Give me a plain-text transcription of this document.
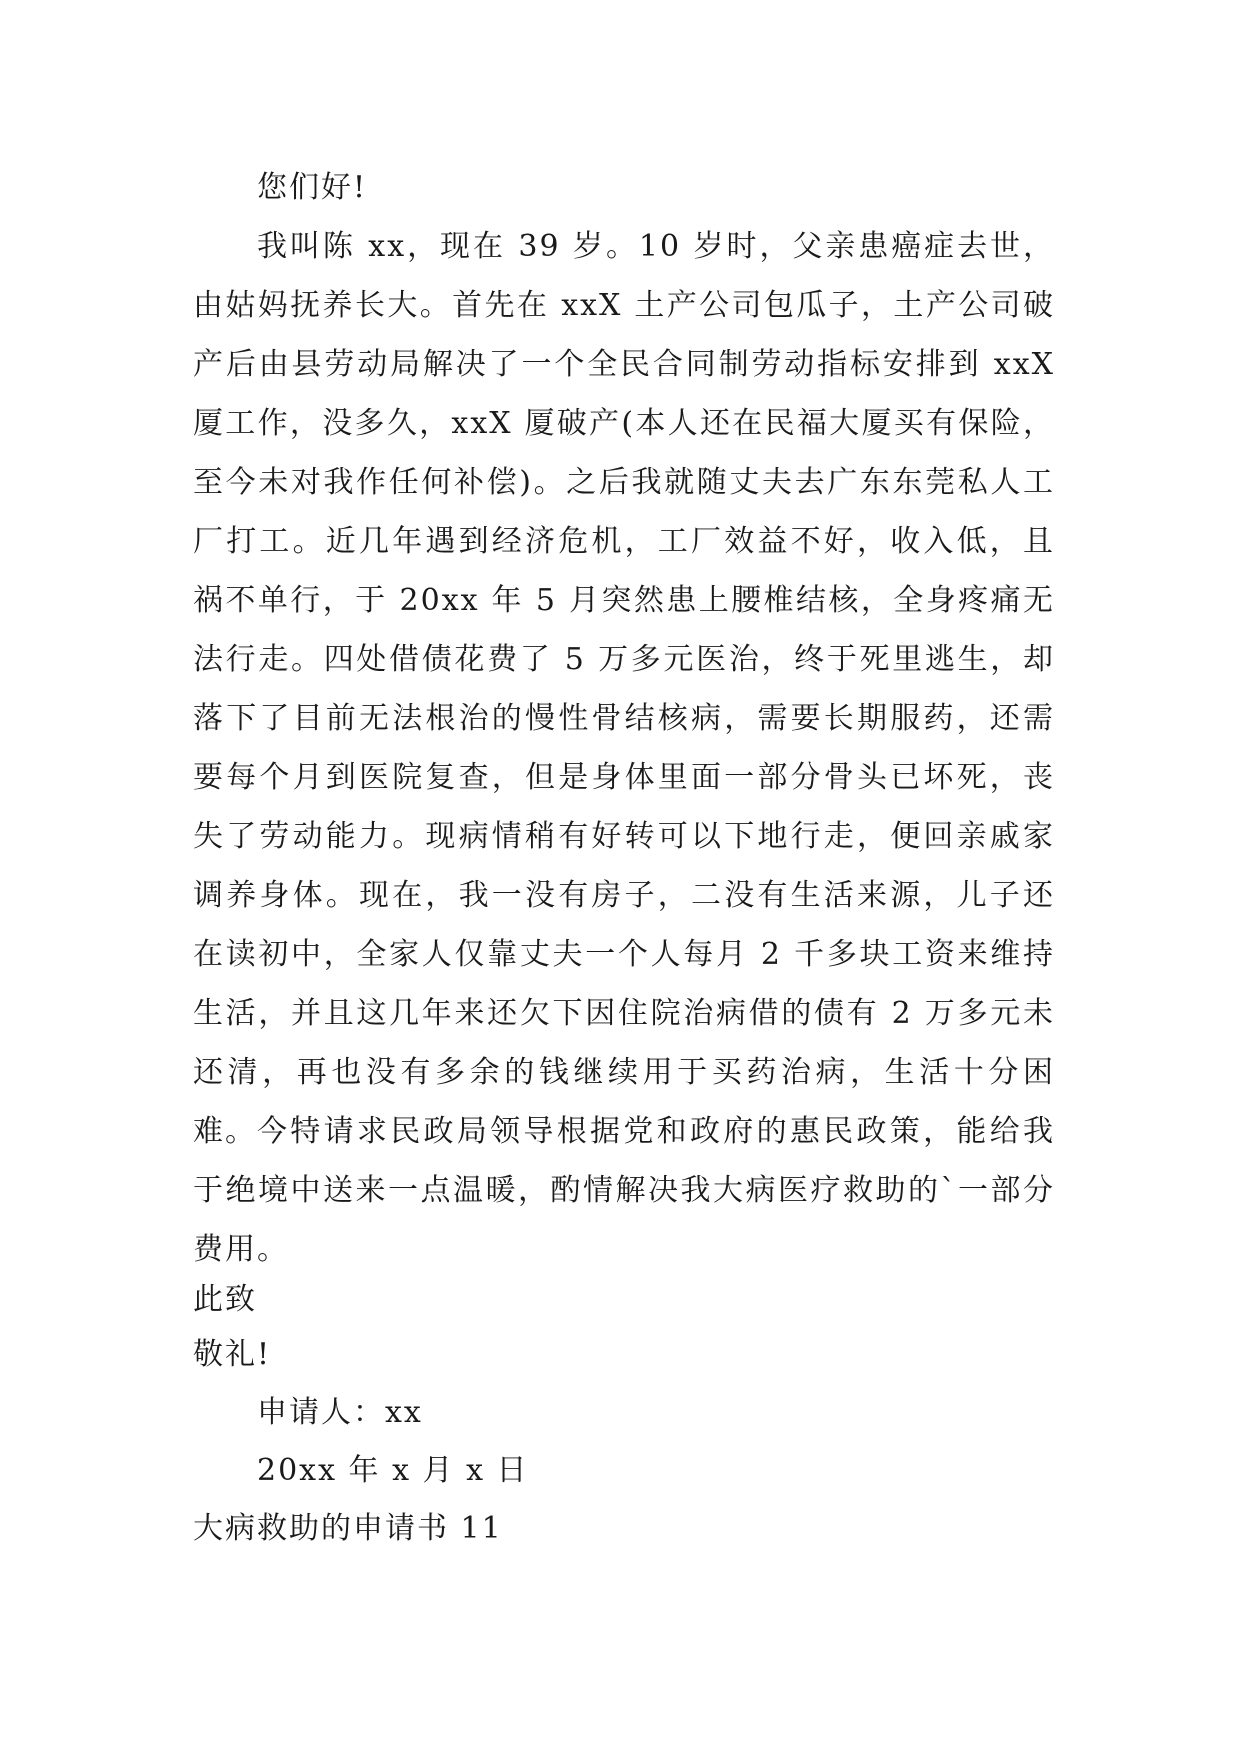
您们好!

我叫陈 xx，现在 39 岁。10 岁时，父亲患癌症去世，由姑妈抚养长大。首先在 xxX 土产公司包瓜子，土产公司破产后由县劳动局解决了一个全民合同制劳动指标安排到 xxX 厦工作，没多久，xxX 厦破产(本人还在民福大厦买有保险，至今未对我作任何补偿)。之后我就随丈夫去广东东莞私人工厂打工。近几年遇到经济危机，工厂效益不好，收入低，且祸不单行，于 20xx 年 5 月突然患上腰椎结核，全身疼痛无法行走。四处借债花费了 5 万多元医治，终于死里逃生，却落下了目前无法根治的慢性骨结核病，需要长期服药，还需要每个月到医院复查，但是身体里面一部分骨头已坏死，丧失了劳动能力。现病情稍有好转可以下地行走，便回亲戚家调养身体。现在，我一没有房子，二没有生活来源，儿子还在读初中，全家人仅靠丈夫一个人每月 2 千多块工资来维持生活，并且这几年来还欠下因住院治病借的债有 2 万多元未还清，再也没有多余的钱继续用于买药治病，生活十分困难。 今特请求民政局领导根据党和政府的惠民政策，能给我于绝境中送来一点温暖，酌情解决我大病医疗救助的`一部分费用。

此致

敬礼!

申请人：xx

20xx 年 x 月 x 日

大病救助的申请书 11
